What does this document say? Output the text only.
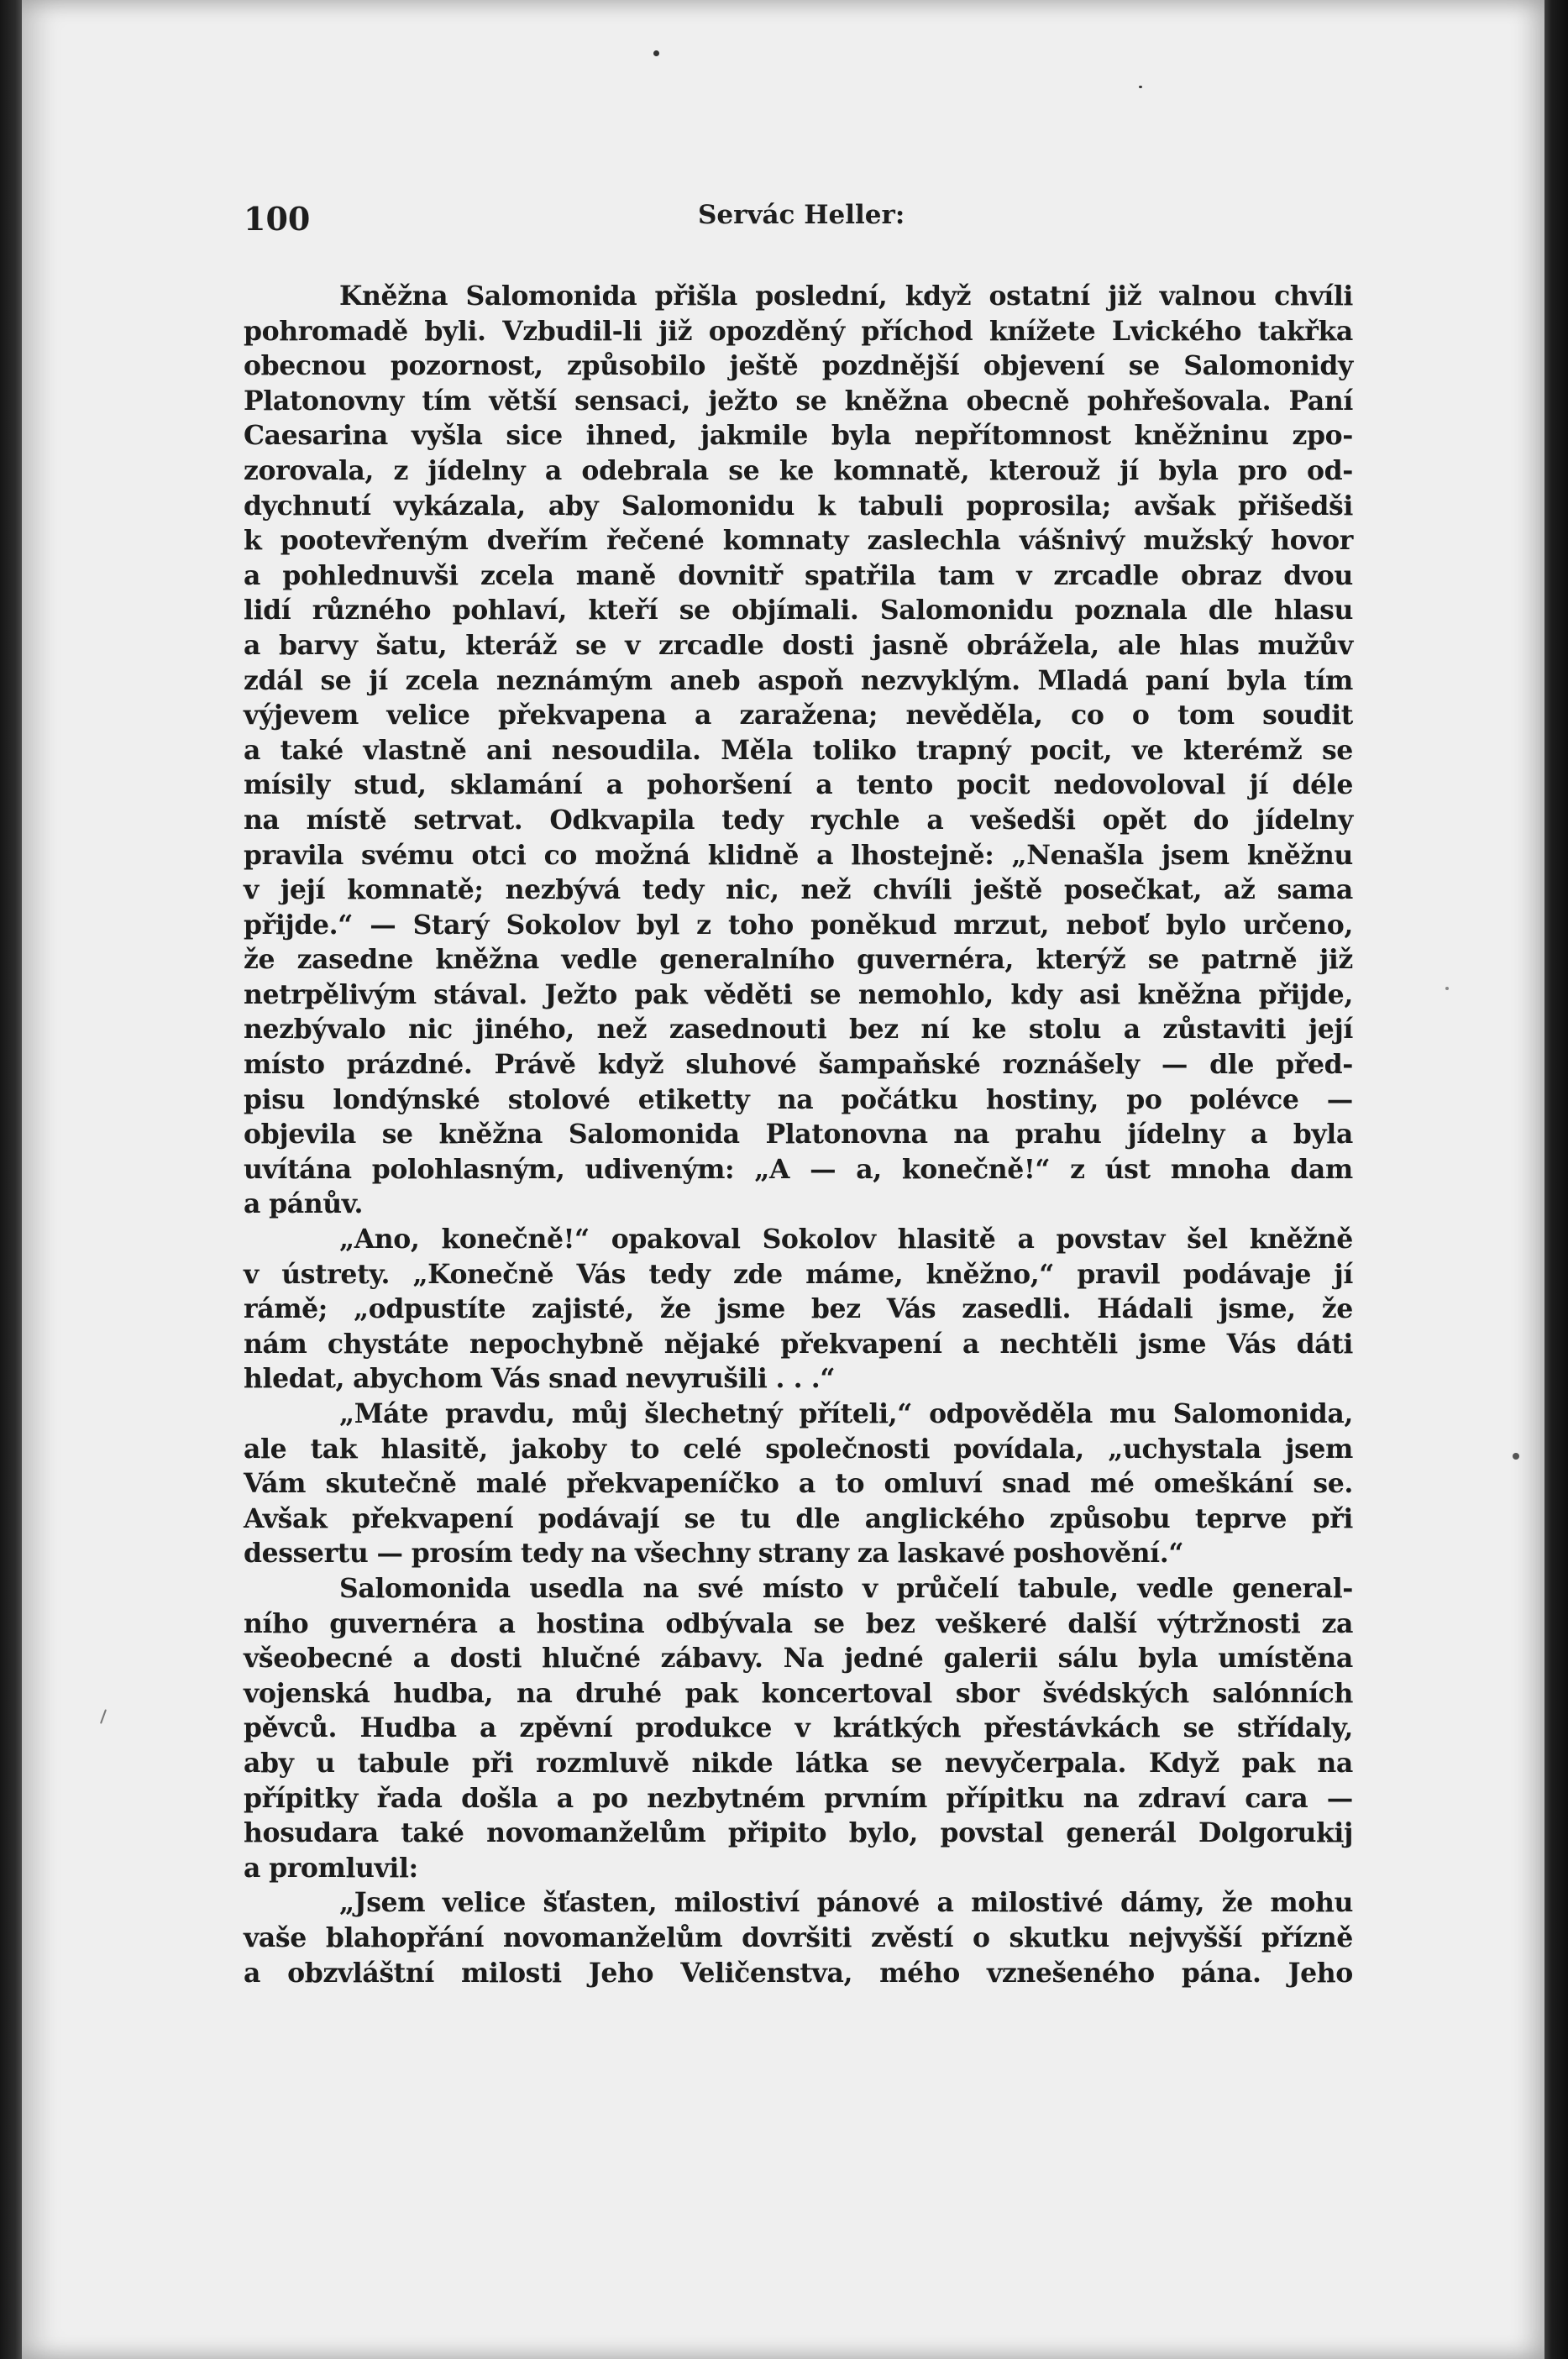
100	Servác Heller:
Kněžna Salomonida přišla poslední, když ostatní již valnou chvíli
pohromadě byli. Vzbudil-li již opozděný příchod knížete Lvického takřka
obecnou pozornost, způsobilo ještě pozdnější objevení se Salomonidy
Platonovny tím větší sensaci, ježto se kněžna obecně pohřešovala. Paní
Caesarina vyšla sice ihned, jakmile byla nepřítomnost kněžninu zpo-
zorovala, z jídelny a odebrala se ke komnatě, kterouž jí byla pro od-
dychnutí vykázala, aby Salomonidu k tabuli poprosila; avšak přišedši
k pootevřeným dveřím řečené komnaty zaslechla vášnivý mužský hovor
a pohlednuvši zcela maně dovnitř spatřila tam v zrcadle obraz dvou
lidí různého pohlaví, kteří se objímali. Salomonidu poznala dle hlasu
a barvy šatu, kteráž se v zrcadle dosti jasně obrážela, ale hlas mužův
zdál se jí zcela neznámým aneb aspoň nezvyklým. Mladá paní byla tím
výjevem velice překvapena a zaražena; nevěděla, co o tom soudit
a také vlastně ani nesoudila. Měla toliko trapný pocit, ve kterémž se
mísily stud, sklamání a pohoršení a tento pocit nedovoloval jí déle
na místě setrvat. Odkvapila tedy rychle a vešedši opět do jídelny
pravila svému otci co možná klidně a lhostejně: „Nenašla jsem kněžnu
v její komnatě; nezbývá tedy nic, než chvíli ještě posečkat, až sama
přijde.“ — Starý Sokolov byl z toho poněkud mrzut, neboť bylo určeno,
že zasedne kněžna vedle generalního guvernéra, kterýž se patrně již
netrpělivým stával. Ježto pak věděti se nemohlo, kdy asi kněžna přijde,
nezbývalo nic jiného, než zasednouti bez ní ke stolu a zůstaviti její
místo prázdné. Právě když sluhové šampaňské roznášely — dle před-
pisu londýnské stolové etiketty na počátku hostiny, po polévce —
objevila se kněžna Salomonida Platonovna na prahu jídelny a byla
uvítána polohlasným, udiveným: „A — a, konečně!“ z úst mnoha dam
a pánův.
„Ano, konečně!“ opakoval Sokolov hlasitě a povstav šel kněžně
v ústrety. „Konečně Vás tedy zde máme, kněžno,“ pravil podávaje jí
rámě; „odpustíte zajisté, že jsme bez Vás zasedli. Hádali jsme, že
nám chystáte nepochybně nějaké překvapení a nechtěli jsme Vás dáti
hledat, abychom Vás snad nevyrušili . . .“
„Máte pravdu, můj šlechetný příteli,“ odpověděla mu Salomonida,
ale tak hlasitě, jakoby to celé společnosti povídala, „uchystala jsem
Vám skutečně malé překvapeníčko a to omluví snad mé omeškání se.
Avšak překvapení podávají se tu dle anglického způsobu teprve při
dessertu — prosím tedy na všechny strany za laskavé poshovění.“
Salomonida usedla na své místo v průčelí tabule, vedle general-
ního guvernéra a hostina odbývala se bez veškeré další výtržnosti za
všeobecné a dosti hlučné zábavy. Na jedné galerii sálu byla umístěna
vojenská hudba, na druhé pak koncertoval sbor švédských salónních
pěvců. Hudba a zpěvní produkce v krátkých přestávkách se střídaly,
aby u tabule při rozmluvě nikde látka se nevyčerpala. Když pak na
přípitky řada došla a po nezbytném prvním přípitku na zdraví cara —
hosudara také novomanželům připito bylo, povstal generál Dolgorukij
a promluvil:
„Jsem velice šťasten, milostiví pánové a milostivé dámy, že mohu
vaše blahopřání novomanželům dovršiti zvěstí o skutku nejvyšší přízně
a obzvláštní milosti Jeho Veličenstva, mého vznešeného pána. Jeho
